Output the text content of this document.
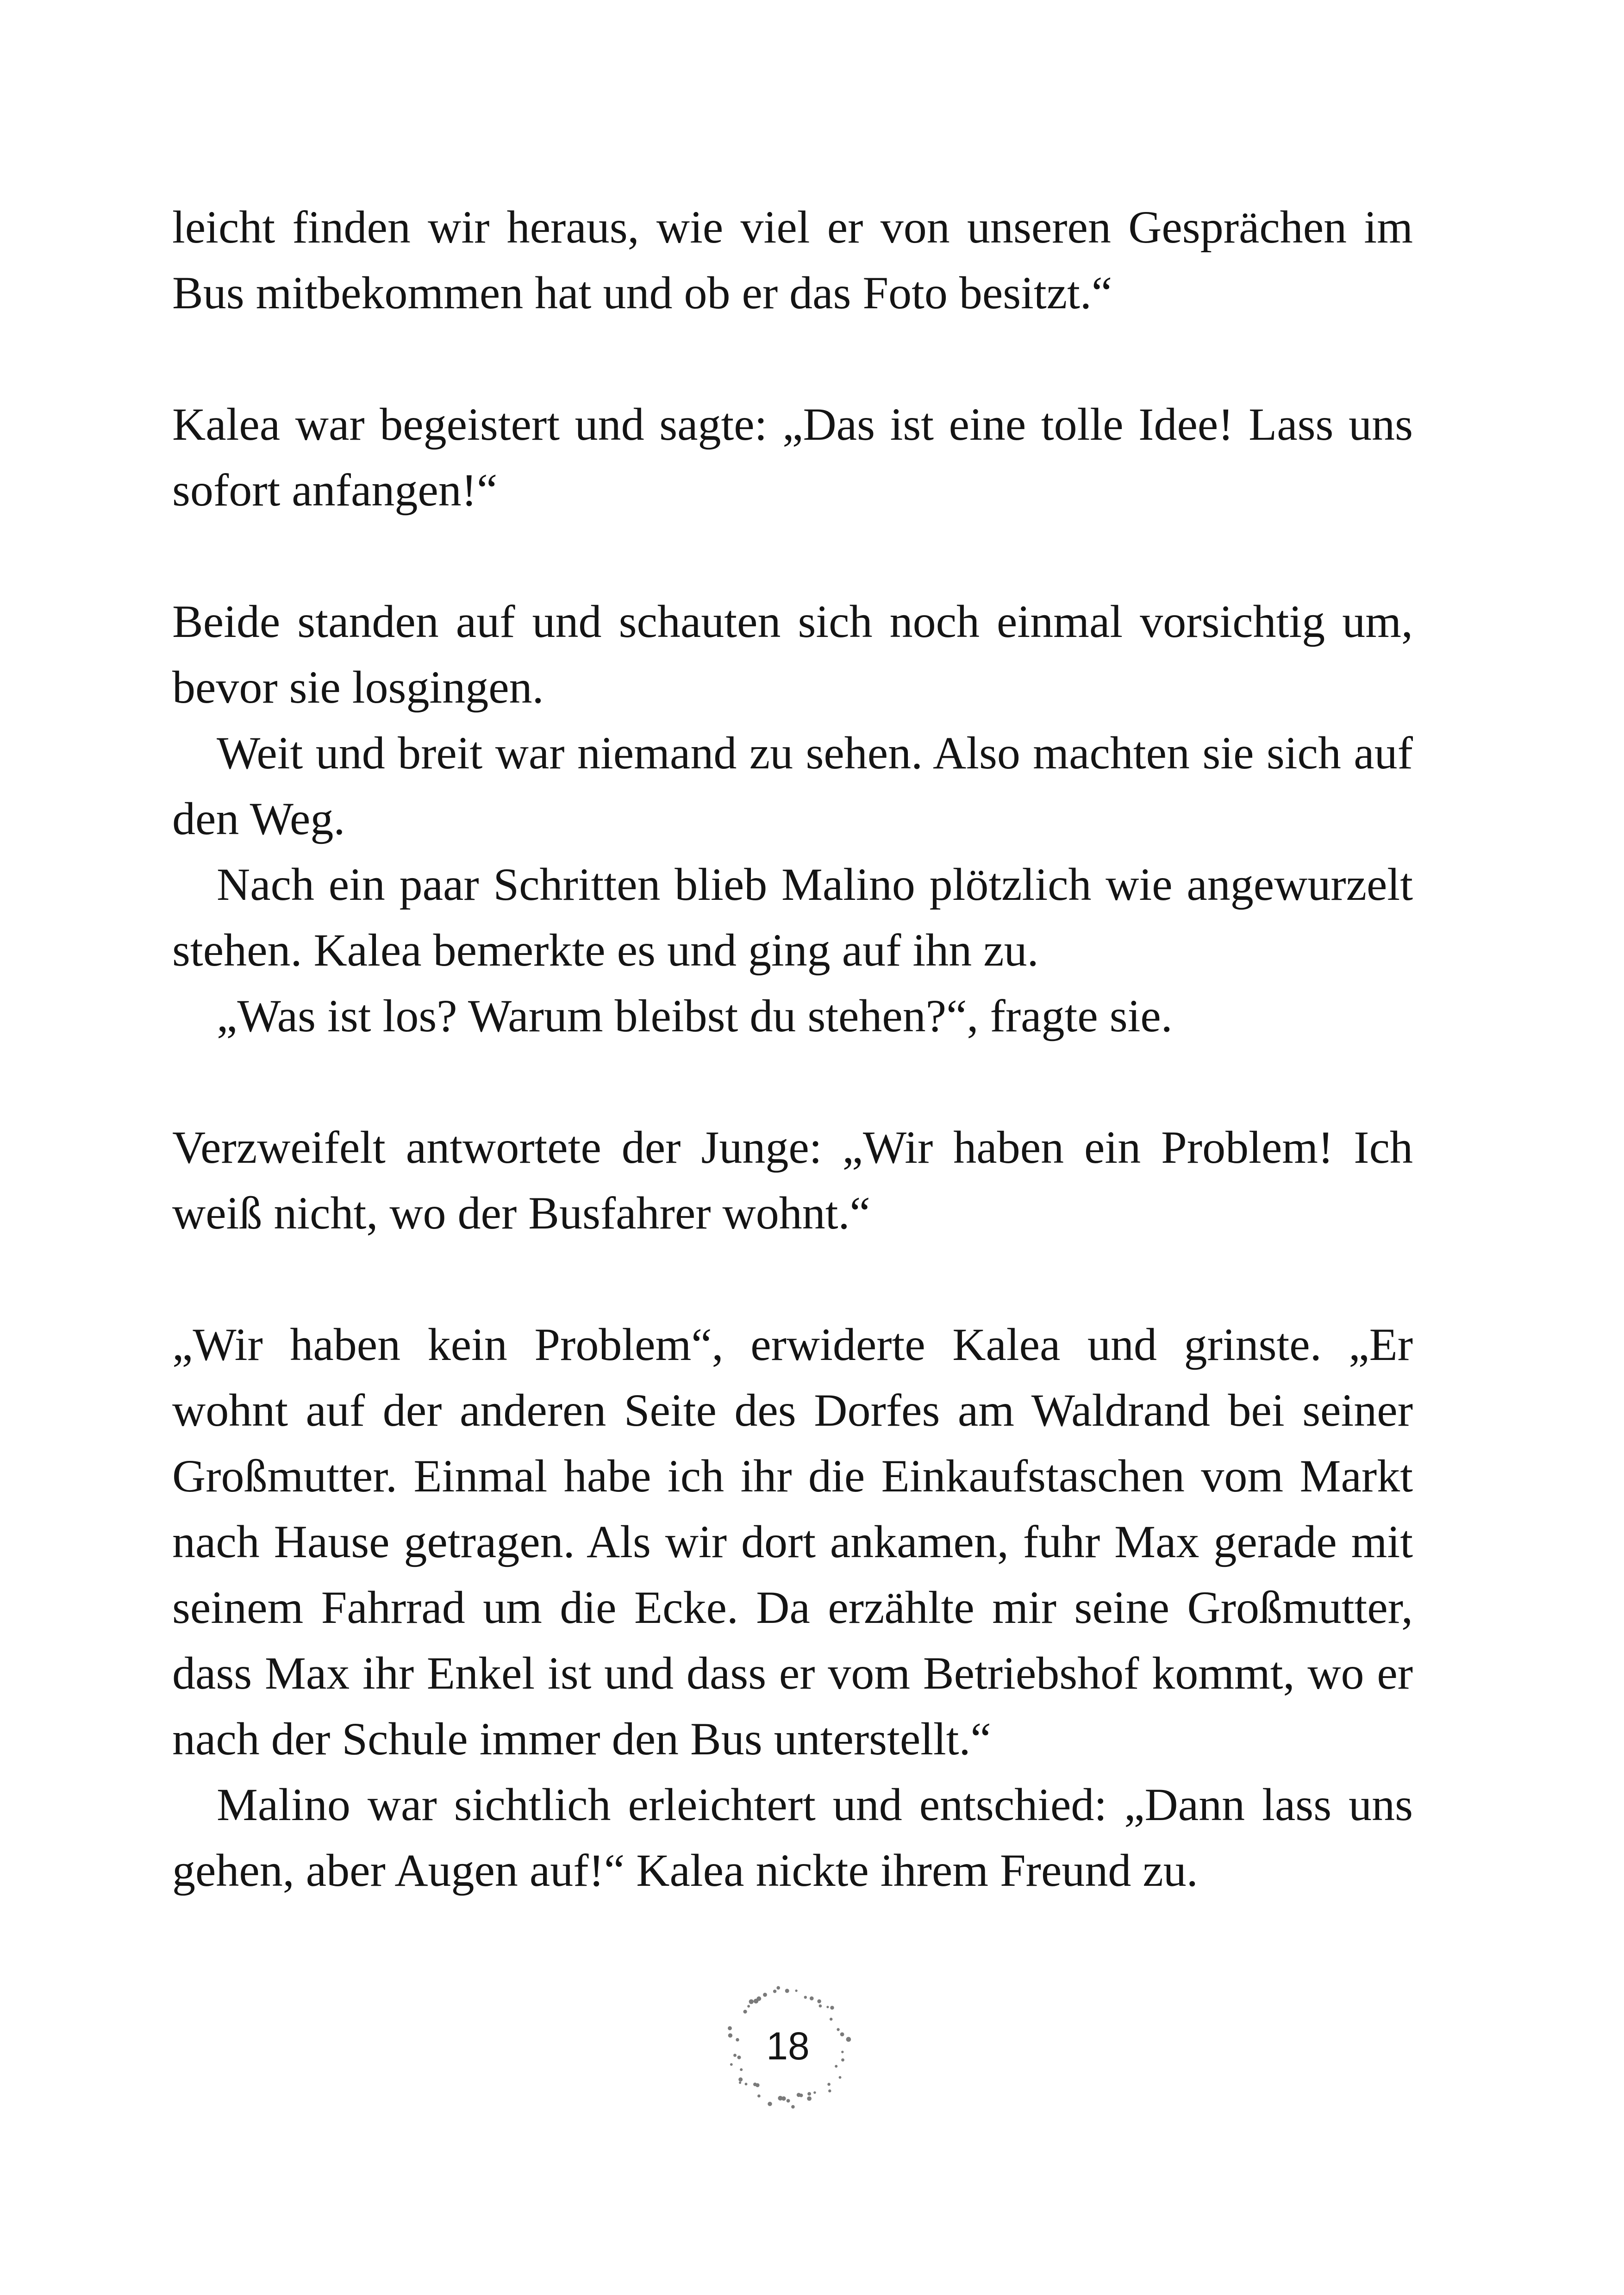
leicht finden wir heraus, wie viel er von unseren Gesprächen im Bus mitbekommen hat und ob er das Foto besitzt.“

Kalea war begeistert und sagte: „Das ist eine tolle Idee! Lass uns sofort anfangen!“

Beide standen auf und schauten sich noch einmal vorsichtig um, bevor sie losgingen.

Weit und breit war niemand zu sehen. Also machten sie sich auf den Weg.

Nach ein paar Schritten blieb Malino plötzlich wie angewurzelt stehen. Kalea bemerkte es und ging auf ihn zu.

„Was ist los? Warum bleibst du stehen?“, fragte sie.

Verzweifelt antwortete der Junge: „Wir haben ein Problem! Ich weiß nicht, wo der Busfahrer wohnt.“

„Wir haben kein Problem“, erwiderte Kalea und grinste. „Er wohnt auf der anderen Seite des Dorfes am Waldrand bei seiner Großmutter. Einmal habe ich ihr die Einkaufstaschen vom Markt nach Hause getragen. Als wir dort ankamen, fuhr Max gerade mit seinem Fahrrad um die Ecke. Da erzählte mir seine Großmutter, dass Max ihr Enkel ist und dass er vom Betriebshof kommt, wo er nach der Schule immer den Bus unterstellt.“

Malino war sichtlich erleichtert und entschied: „Dann lass uns gehen, aber Augen auf!“ Kalea nickte ihrem Freund zu.

18
